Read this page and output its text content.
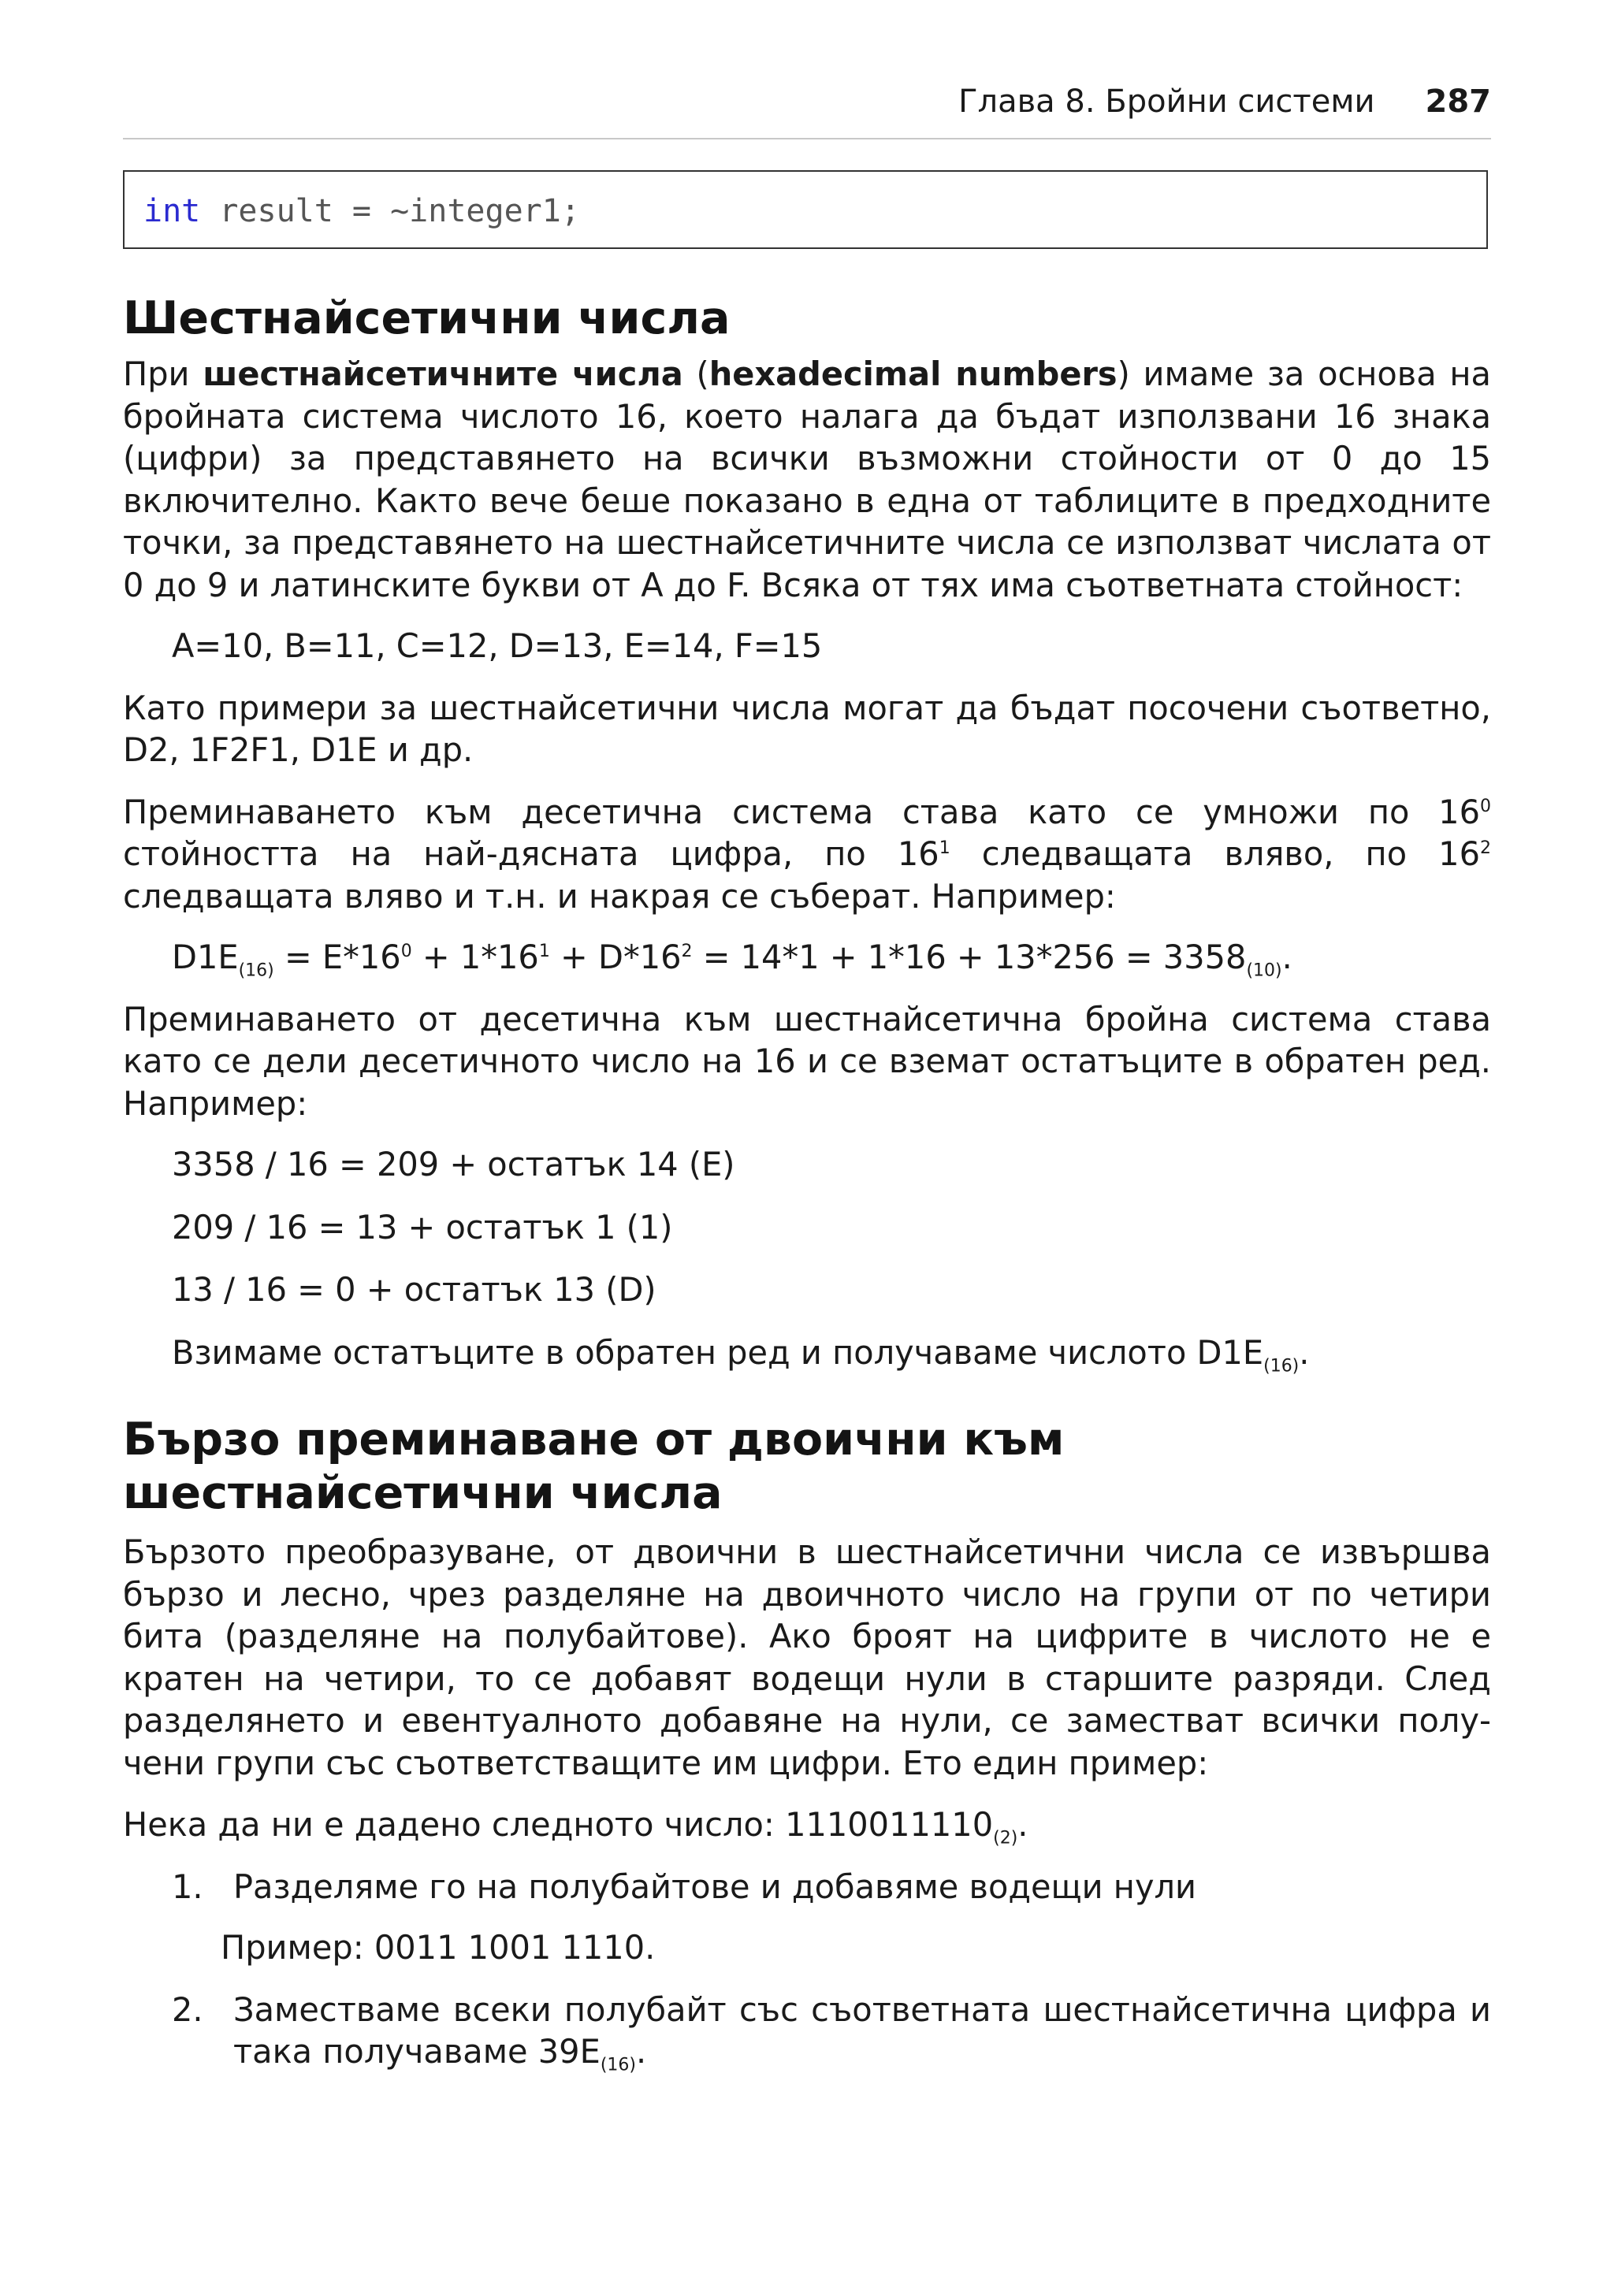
Глава 8. Бройни системи 287
int result = ~integer1;
Шестнайсетични числа

При шестнайсетичните числа (hexadecimal numbers) имаме за основа на бройната система числото 16, което налага да бъдат използвани 16 знака (цифри) за представянето на всички възможни стойности от 0 до 15 включително. Както вече беше показано в една от таблиците в предходните точки, за представянето на шестнайсетичните числа се използват числата от 0 до 9 и латинските букви от A до F. Всяка от тях има съответната стойност:

A=10, B=11, C=12, D=13, E=14, F=15

Като примери за шестнайсетични числа могат да бъдат посочени съответно, D2, 1F2F1, D1E и др.

Преминаването към десетична система става като се умножи по $16^0$ стойността на най-дясната цифра, по $16^1$ следващата вляво, по $16^2$ следващата вляво и т.н. и накрая се съберат. Например:

$D1E_{(16)} = E*16^0 + 1*16^1 + D*16^2 = 14*1 + 1*16 + 13*256 = 3358_{(10)}$.

Преминаването от десетична към шестнайсетична бройна система става като се дели десетичното число на 16 и се вземат остатъците в обратен ред. Например:

3358 / 16 = 209 + остатък 14 (E)

209 / 16 = 13 + остатък 1 (1)

13 / 16 = 0 + остатък 13 (D)

Взимаме остатъците в обратен ред и получаваме числото $D1E_{(16)}$.

Бързо преминаване от двоични към
шестнайсетични числа

Бързото преобразуване, от двоични в шестнайсетични числа се извършва бързо и лесно, чрез разделяне на двоичното число на групи от по четири бита (разделяне на полубайтове). Ако броят на цифрите в числото не е кратен на четири, то се добавят водещи нули в старшите разряди. След разделянето и евентуалното добавяне на нули, се заместват всички полу-чени групи със съответстващите им цифри. Ето един пример:

Нека да ни е дадено следното число: $1110011110_{(2)}$.

1. Разделяме го на полубайтове и добавяме водещи нули

Пример: 0011 1001 1110.

2. Заместваме всеки полубайт със съответната шестнайсетична цифра и така получаваме $39E_{(16)}$.
